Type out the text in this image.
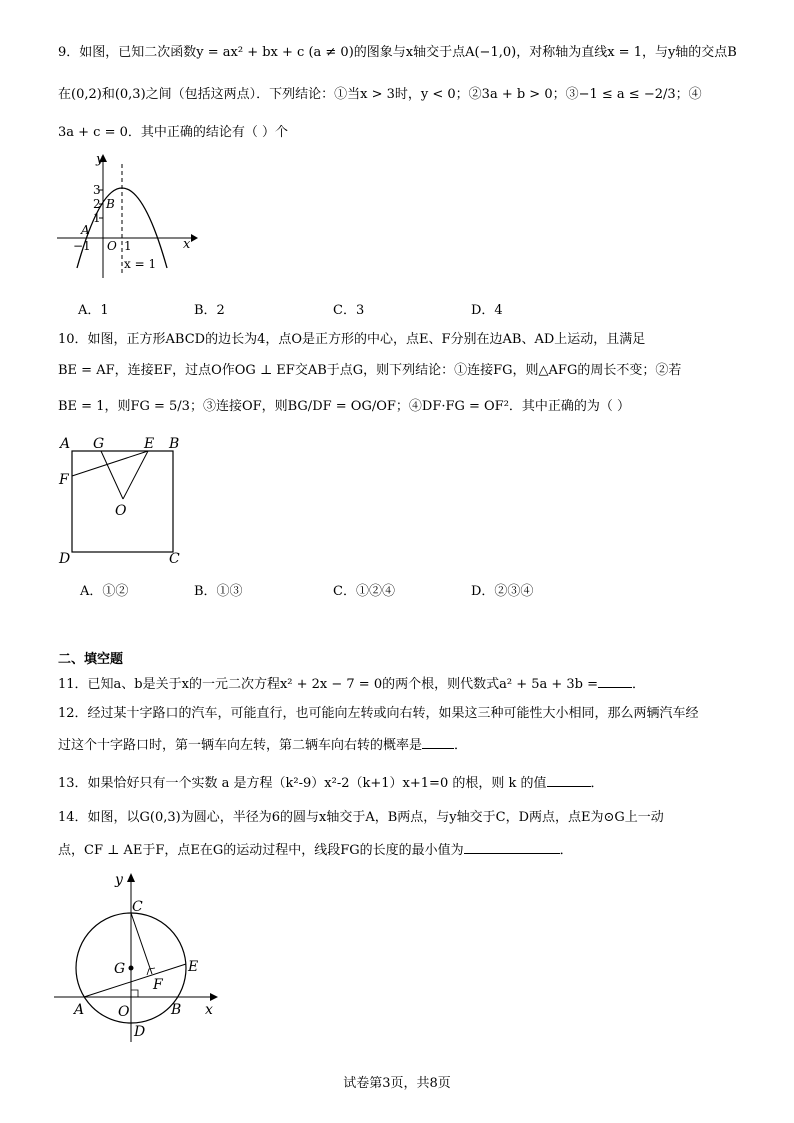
9．如图，已知二次函数y = ax² + bx + c (a ≠ 0)的图象与x轴交于点A(−1,0)，对称轴为直线x = 1，与y轴的交点B
在(0,2)和(0,3)之间（包括这两点）．下列结论：①当x > 3时，y < 0；②3a + b > 0；③−1 ≤ a ≤ −2/3；④
3a + c = 0．其中正确的结论有（ ）个
y
x
3
2
1
A
B
−1 O 1
x = 1
A．1	B．2	C．3	D．4
10．如图，正方形ABCD的边长为4，点O是正方形的中心，点E、F分别在边AB、AD上运动，且满足
BE = AF，连接EF，过点O作OG ⊥ EF交AB于点G，则下列结论：①连接FG，则△AFG的周长不变；②若
BE = 1，则FG = 5/3；③连接OF，则BG/DF = OG/OF；④DF·FG = OF²．其中正确的为（ ）
A G	E B
F
O
D	C
A．①②	B．①③	C．①②④	D．②③④
二、填空题
11．已知a、b是关于x的一元二次方程x² + 2x − 7 = 0的两个根，则代数式a² + 5a + 3b =	．
12．经过某十字路口的汽车，可能直行，也可能向左转或向右转，如果这三种可能性大小相同，那么两辆汽车经
过这个十字路口时，第一辆车向左转，第二辆车向右转的概率是 ．
13．如果恰好只有一个实数 a 是方程（k²-9）x²-2（k+1）x+1=0 的根，则 k 的值	．
14．如图，以G(0,3)为圆心，半径为6的圆与x轴交于A，B两点，与y轴交于C，D两点，点E为⊙G上一动
点，CF ⊥ AE于F，点E在G的运动过程中，线段FG的长度的最小值为	．
y
x
C
G	E
F
A O	B
D
试卷第3页，共8页
